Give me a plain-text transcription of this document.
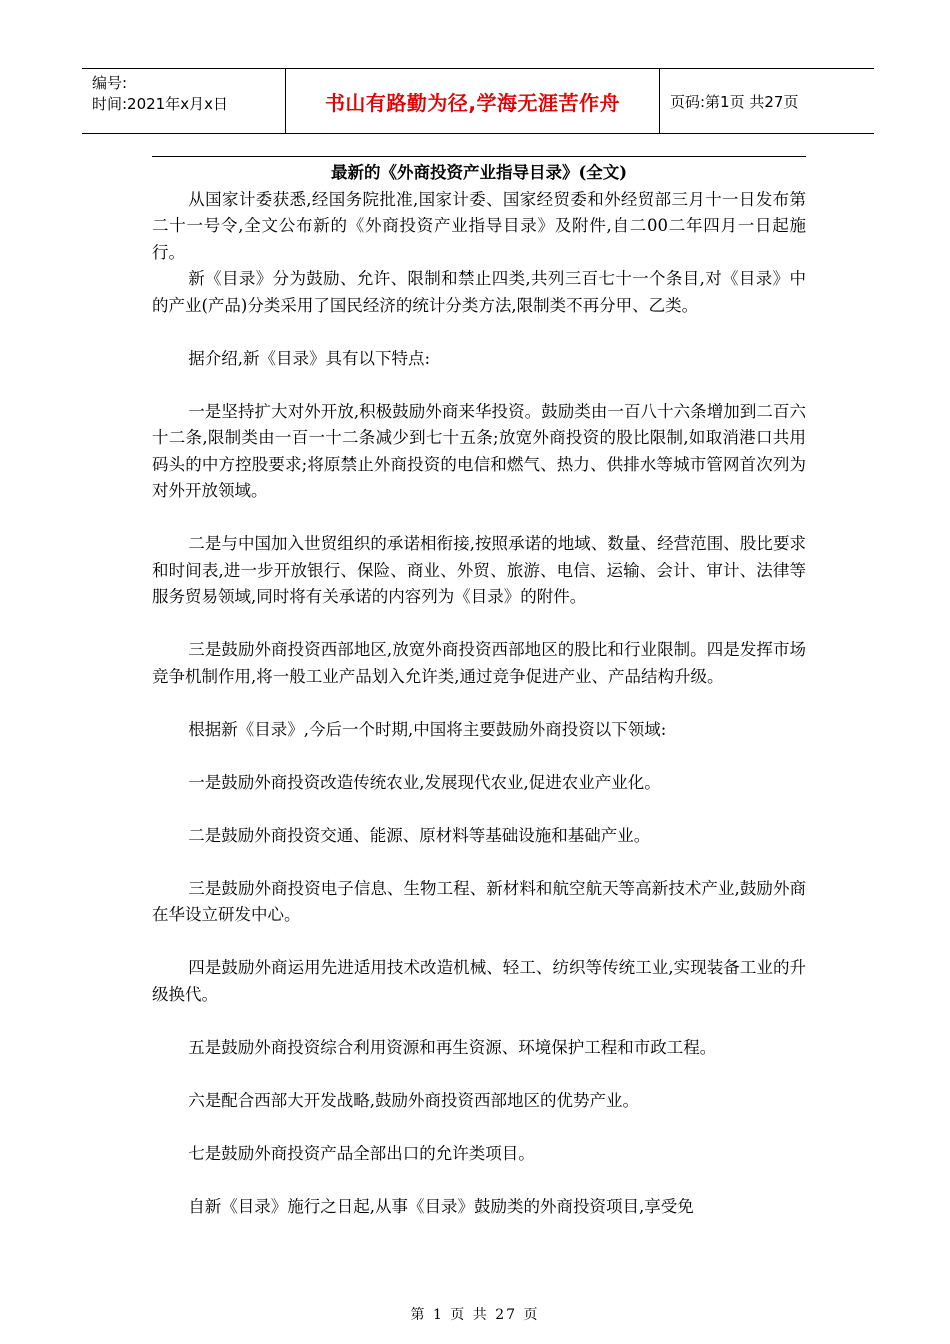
编号:
时间:2021年x月x日	书山有路勤为径,学海无涯苦作舟	页码:第1页 共27页

最新的《外商投资产业指导目录》(全文)

从国家计委获悉,经国务院批准,国家计委、国家经贸委和外经贸部三月十一日发布第二十一号令,全文公布新的《外商投资产业指导目录》及附件,自二00二年四月一日起施行。

新《目录》分为鼓励、允许、限制和禁止四类,共列三百七十一个条目,对《目录》中的产业(产品)分类采用了国民经济的统计分类方法,限制类不再分甲、乙类。

据介绍,新《目录》具有以下特点:

一是坚持扩大对外开放,积极鼓励外商来华投资。鼓励类由一百八十六条增加到二百六十二条,限制类由一百一十二条减少到七十五条;放宽外商投资的股比限制,如取消港口共用码头的中方控股要求;将原禁止外商投资的电信和燃气、热力、供排水等城市管网首次列为对外开放领域。

二是与中国加入世贸组织的承诺相衔接,按照承诺的地域、数量、经营范围、股比要求和时间表,进一步开放银行、保险、商业、外贸、旅游、电信、运输、会计、审计、法律等服务贸易领域,同时将有关承诺的内容列为《目录》的附件。

三是鼓励外商投资西部地区,放宽外商投资西部地区的股比和行业限制。四是发挥市场竞争机制作用,将一般工业产品划入允许类,通过竞争促进产业、产品结构升级。

根据新《目录》,今后一个时期,中国将主要鼓励外商投资以下领域:

一是鼓励外商投资改造传统农业,发展现代农业,促进农业产业化。

二是鼓励外商投资交通、能源、原材料等基础设施和基础产业。

三是鼓励外商投资电子信息、生物工程、新材料和航空航天等高新技术产业,鼓励外商在华设立研发中心。

四是鼓励外商运用先进适用技术改造机械、轻工、纺织等传统工业,实现装备工业的升级换代。

五是鼓励外商投资综合利用资源和再生资源、环境保护工程和市政工程。

六是配合西部大开发战略,鼓励外商投资西部地区的优势产业。

七是鼓励外商投资产品全部出口的允许类项目。

自新《目录》施行之日起,从事《目录》鼓励类的外商投资项目,享受免

第 1 页 共 27 页
